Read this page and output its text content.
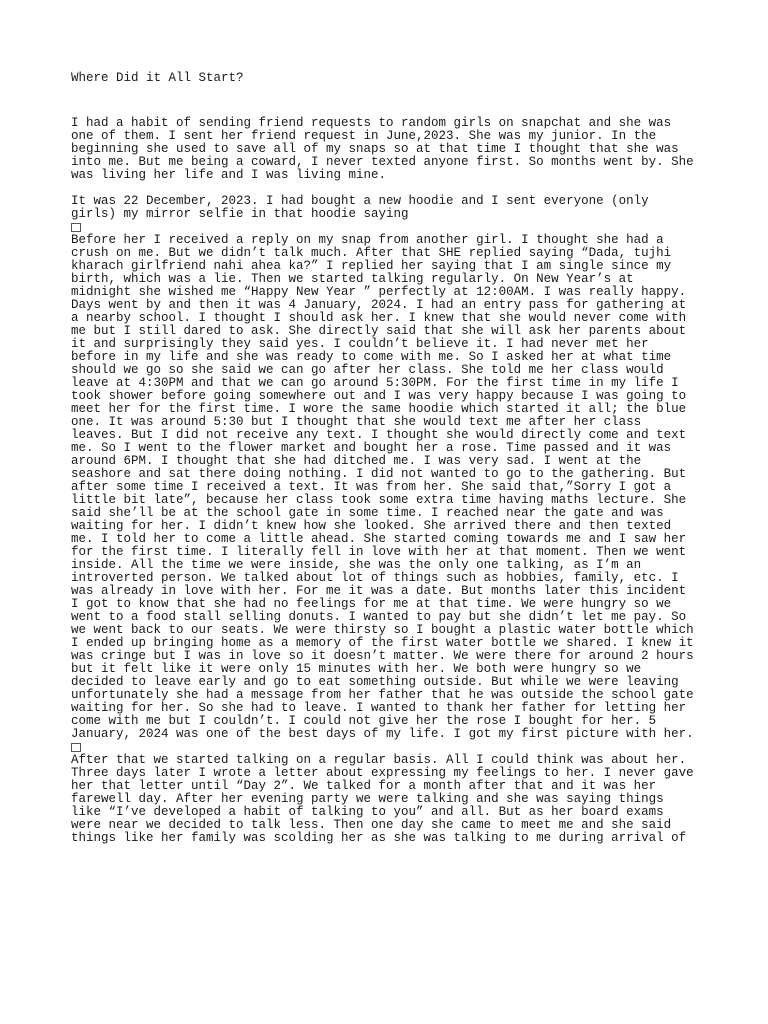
Where Did it All Start?
I had a habit of sending friend requests to random girls on snapchat and she was
one of them. I sent her friend request in June,2023. She was my junior. In the
beginning she used to save all of my snaps so at that time I thought that she was
into me. But me being a coward, I never texted anyone first. So months went by. She
was living her life and I was living mine.
It was 22 December, 2023. I had bought a new hoodie and I sent everyone (only
girls) my mirror selfie in that hoodie saying
Before her I received a reply on my snap from another girl. I thought she had a
crush on me. But we didn’t talk much. After that SHE replied saying “Dada, tujhi
kharach girlfriend nahi ahea ka?” I replied her saying that I am single since my
birth, which was a lie. Then we started talking regularly. On New Year’s at
midnight she wished me “Happy New Year ” perfectly at 12:00AM. I was really happy.
Days went by and then it was 4 January, 2024. I had an entry pass for gathering at
a nearby school. I thought I should ask her. I knew that she would never come with
me but I still dared to ask. She directly said that she will ask her parents about
it and surprisingly they said yes. I couldn’t believe it. I had never met her
before in my life and she was ready to come with me. So I asked her at what time
should we go so she said we can go after her class. She told me her class would
leave at 4:30PM and that we can go around 5:30PM. For the first time in my life I
took shower before going somewhere out and I was very happy because I was going to
meet her for the first time. I wore the same hoodie which started it all; the blue
one. It was around 5:30 but I thought that she would text me after her class
leaves. But I did not receive any text. I thought she would directly come and text
me. So I went to the flower market and bought her a rose. Time passed and it was
around 6PM. I thought that she had ditched me. I was very sad. I went at the
seashore and sat there doing nothing. I did not wanted to go to the gathering. But
after some time I received a text. It was from her. She said that,”Sorry I got a
little bit late”, because her class took some extra time having maths lecture. She
said she’ll be at the school gate in some time. I reached near the gate and was
waiting for her. I didn’t knew how she looked. She arrived there and then texted
me. I told her to come a little ahead. She started coming towards me and I saw her
for the first time. I literally fell in love with her at that moment. Then we went
inside. All the time we were inside, she was the only one talking, as I’m an
introverted person. We talked about lot of things such as hobbies, family, etc. I
was already in love with her. For me it was a date. But months later this incident
I got to know that she had no feelings for me at that time. We were hungry so we
went to a food stall selling donuts. I wanted to pay but she didn’t let me pay. So
we went back to our seats. We were thirsty so I bought a plastic water bottle which
I ended up bringing home as a memory of the first water bottle we shared. I knew it
was cringe but I was in love so it doesn’t matter. We were there for around 2 hours
but it felt like it were only 15 minutes with her. We both were hungry so we
decided to leave early and go to eat something outside. But while we were leaving
unfortunately she had a message from her father that he was outside the school gate
waiting for her. So she had to leave. I wanted to thank her father for letting her
come with me but I couldn’t. I could not give her the rose I bought for her. 5
January, 2024 was one of the best days of my life. I got my first picture with her.
After that we started talking on a regular basis. All I could think was about her.
Three days later I wrote a letter about expressing my feelings to her. I never gave
her that letter until “Day 2”. We talked for a month after that and it was her
farewell day. After her evening party we were talking and she was saying things
like “I’ve developed a habit of talking to you” and all. But as her board exams
were near we decided to talk less. Then one day she came to meet me and she said
things like her family was scolding her as she was talking to me during arrival of
